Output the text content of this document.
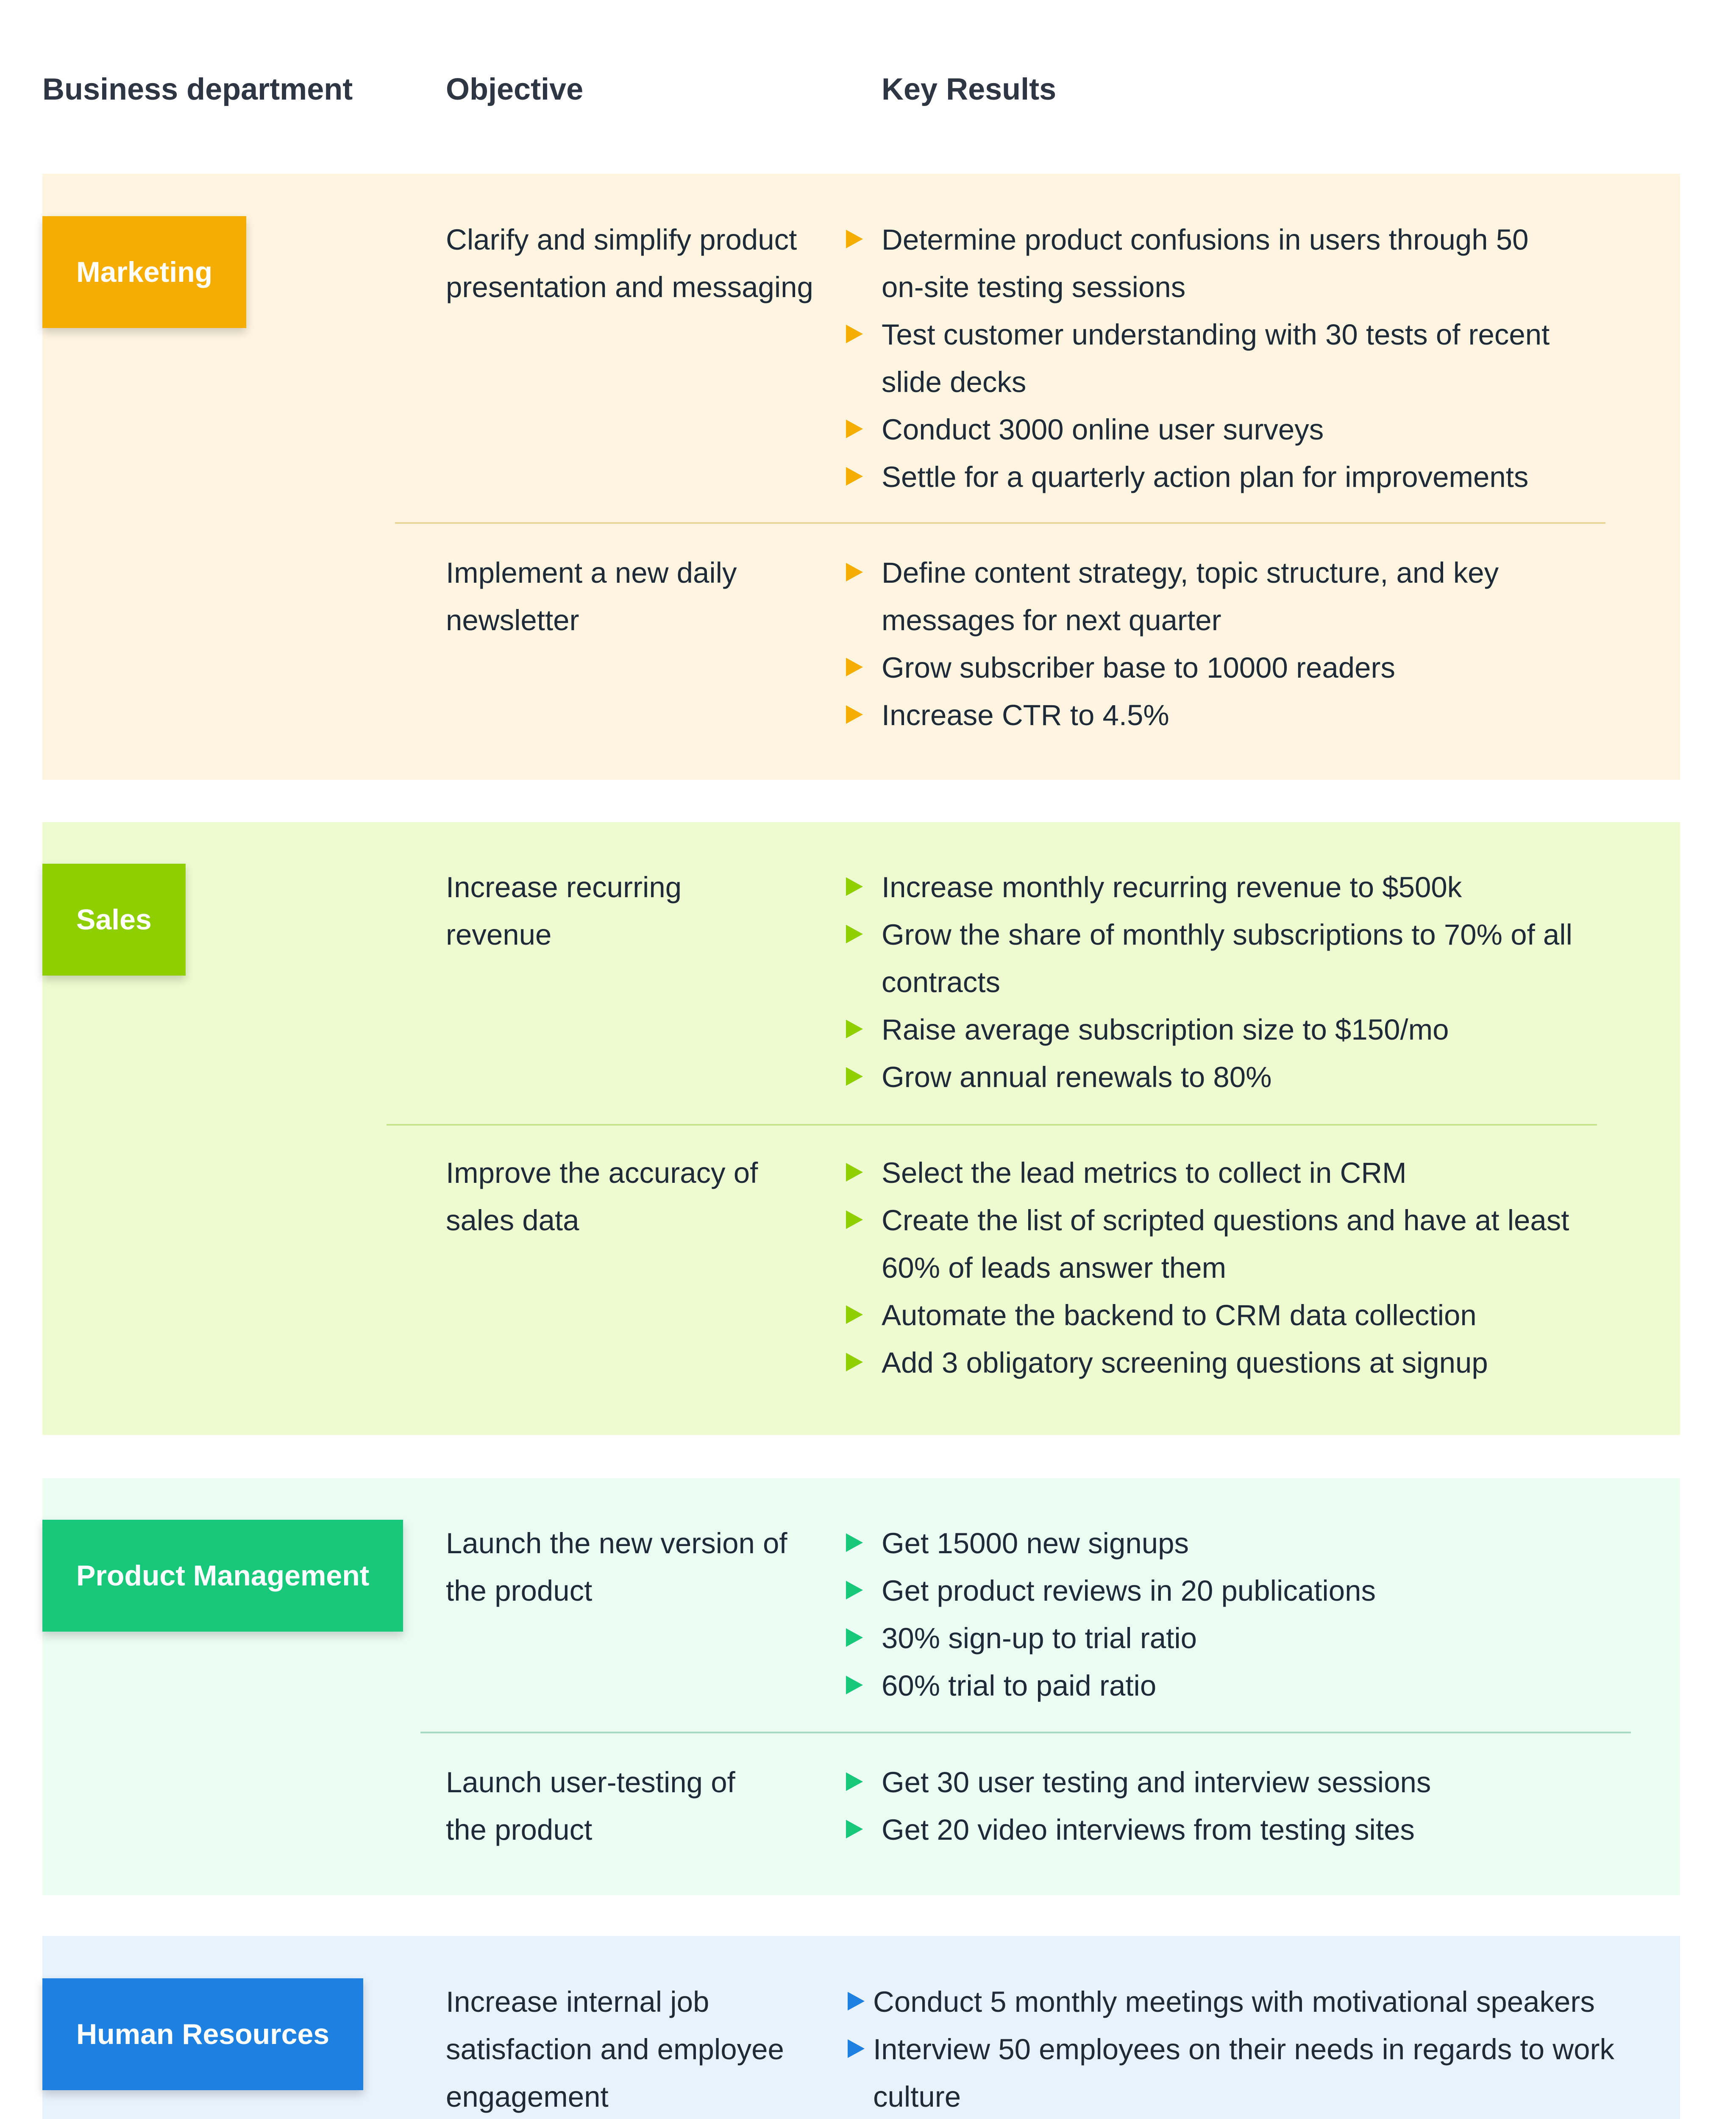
Business department	Objective	Key Results
Marketing
Clarify and simplify product presentation and messaging
Determine product confusions in users through 50 on-site testing sessions
Test customer understanding with 30 tests of recent slide decks
Conduct 3000 online user surveys
Settle for a quarterly action plan for improvements
Implement a new daily newsletter
Define content strategy, topic structure, and key messages for next quarter
Grow subscriber base to 10000 readers
Increase CTR to 4.5%
Sales
Increase recurring revenue
Increase monthly recurring revenue to $500k
Grow the share of monthly subscriptions to 70% of all contracts
Raise average subscription size to $150/mo
Grow annual renewals to 80%
Improve the accuracy of sales data
Select the lead metrics to collect in CRM
Create the list of scripted questions and have at least 60% of leads answer them
Automate the backend to CRM data collection
Add 3 obligatory screening questions at signup
Product Management
Launch the new version of the product
Get 15000 new signups
Get product reviews in 20 publications
30% sign-up to trial ratio
60% trial to paid ratio
Launch user-testing of the product
Get 30 user testing and interview sessions
Get 20 video interviews from testing sites
Human Resources
Increase internal job satisfaction and employee engagement
Conduct 5 monthly meetings with motivational speakers
Interview 50 employees on their needs in regards to work culture
